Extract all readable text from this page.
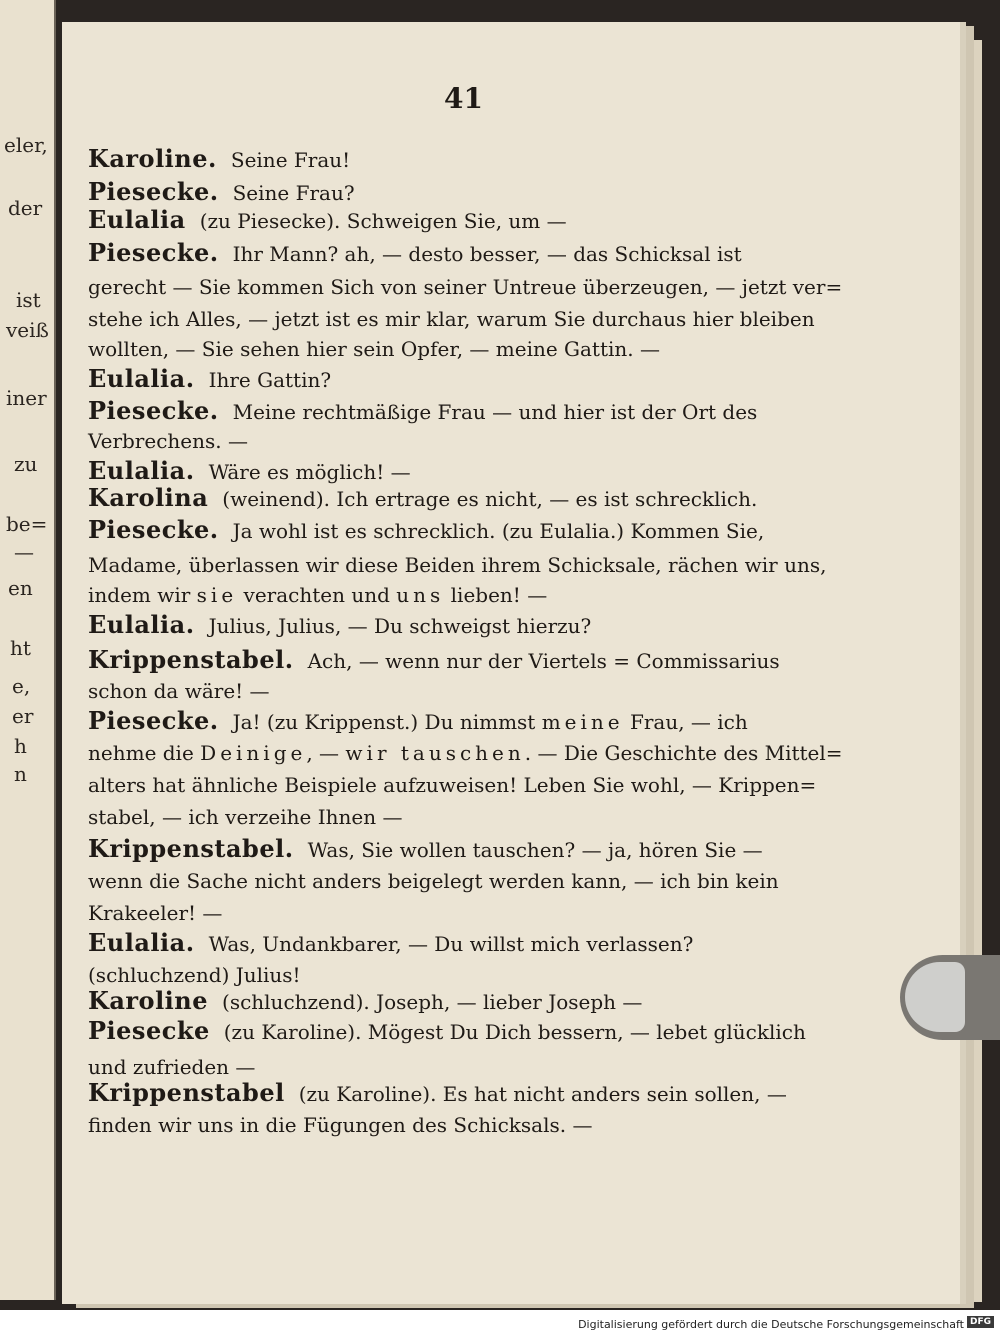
eler,
der
ist
veiß
iner
zu
be=
—
en
ht
e,
er
h
n
41
Karoline. Seine Frau!
Piesecke. Seine Frau?
Eulalia (zu Piesecke). Schweigen Sie, um —
Piesecke. Ihr Mann? ah, — desto besser, — das Schicksal ist
gerecht — Sie kommen Sich von seiner Untreue überzeugen, — jetzt ver=
stehe ich Alles, — jetzt ist es mir klar, warum Sie durchaus hier bleiben
wollten, — Sie sehen hier sein Opfer, — meine Gattin. —
Eulalia. Ihre Gattin?
Piesecke. Meine rechtmäßige Frau — und hier ist der Ort des
Verbrechens. —
Eulalia. Wäre es möglich! —
Karolina (weinend). Ich ertrage es nicht, — es ist schrecklich.
Piesecke. Ja wohl ist es schrecklich. (zu Eulalia.) Kommen Sie,
Madame, überlassen wir diese Beiden ihrem Schicksale, rächen wir uns,
indem wir sie verachten und uns lieben! —
Eulalia. Julius, Julius, — Du schweigst hierzu?
Krippenstabel. Ach, — wenn nur der Viertels = Commissarius
schon da wäre! —
Piesecke. Ja! (zu Krippenst.) Du nimmst meine Frau, — ich
nehme die Deinige, — wir tauschen. — Die Geschichte des Mittel=
alters hat ähnliche Beispiele aufzuweisen! Leben Sie wohl, — Krippen=
stabel, — ich verzeihe Ihnen —
Krippenstabel. Was, Sie wollen tauschen? — ja, hören Sie —
wenn die Sache nicht anders beigelegt werden kann, — ich bin kein
Krakeeler! —
Eulalia. Was, Undankbarer, — Du willst mich verlassen?
(schluchzend) Julius!
Karoline (schluchzend). Joseph, — lieber Joseph —
Piesecke (zu Karoline). Mögest Du Dich bessern, — lebet glücklich
und zufrieden —
Krippenstabel (zu Karoline). Es hat nicht anders sein sollen, —
finden wir uns in die Fügungen des Schicksals. —
Digitalisierung gefördert durch die Deutsche Forschungsgemeinschaft DFG
